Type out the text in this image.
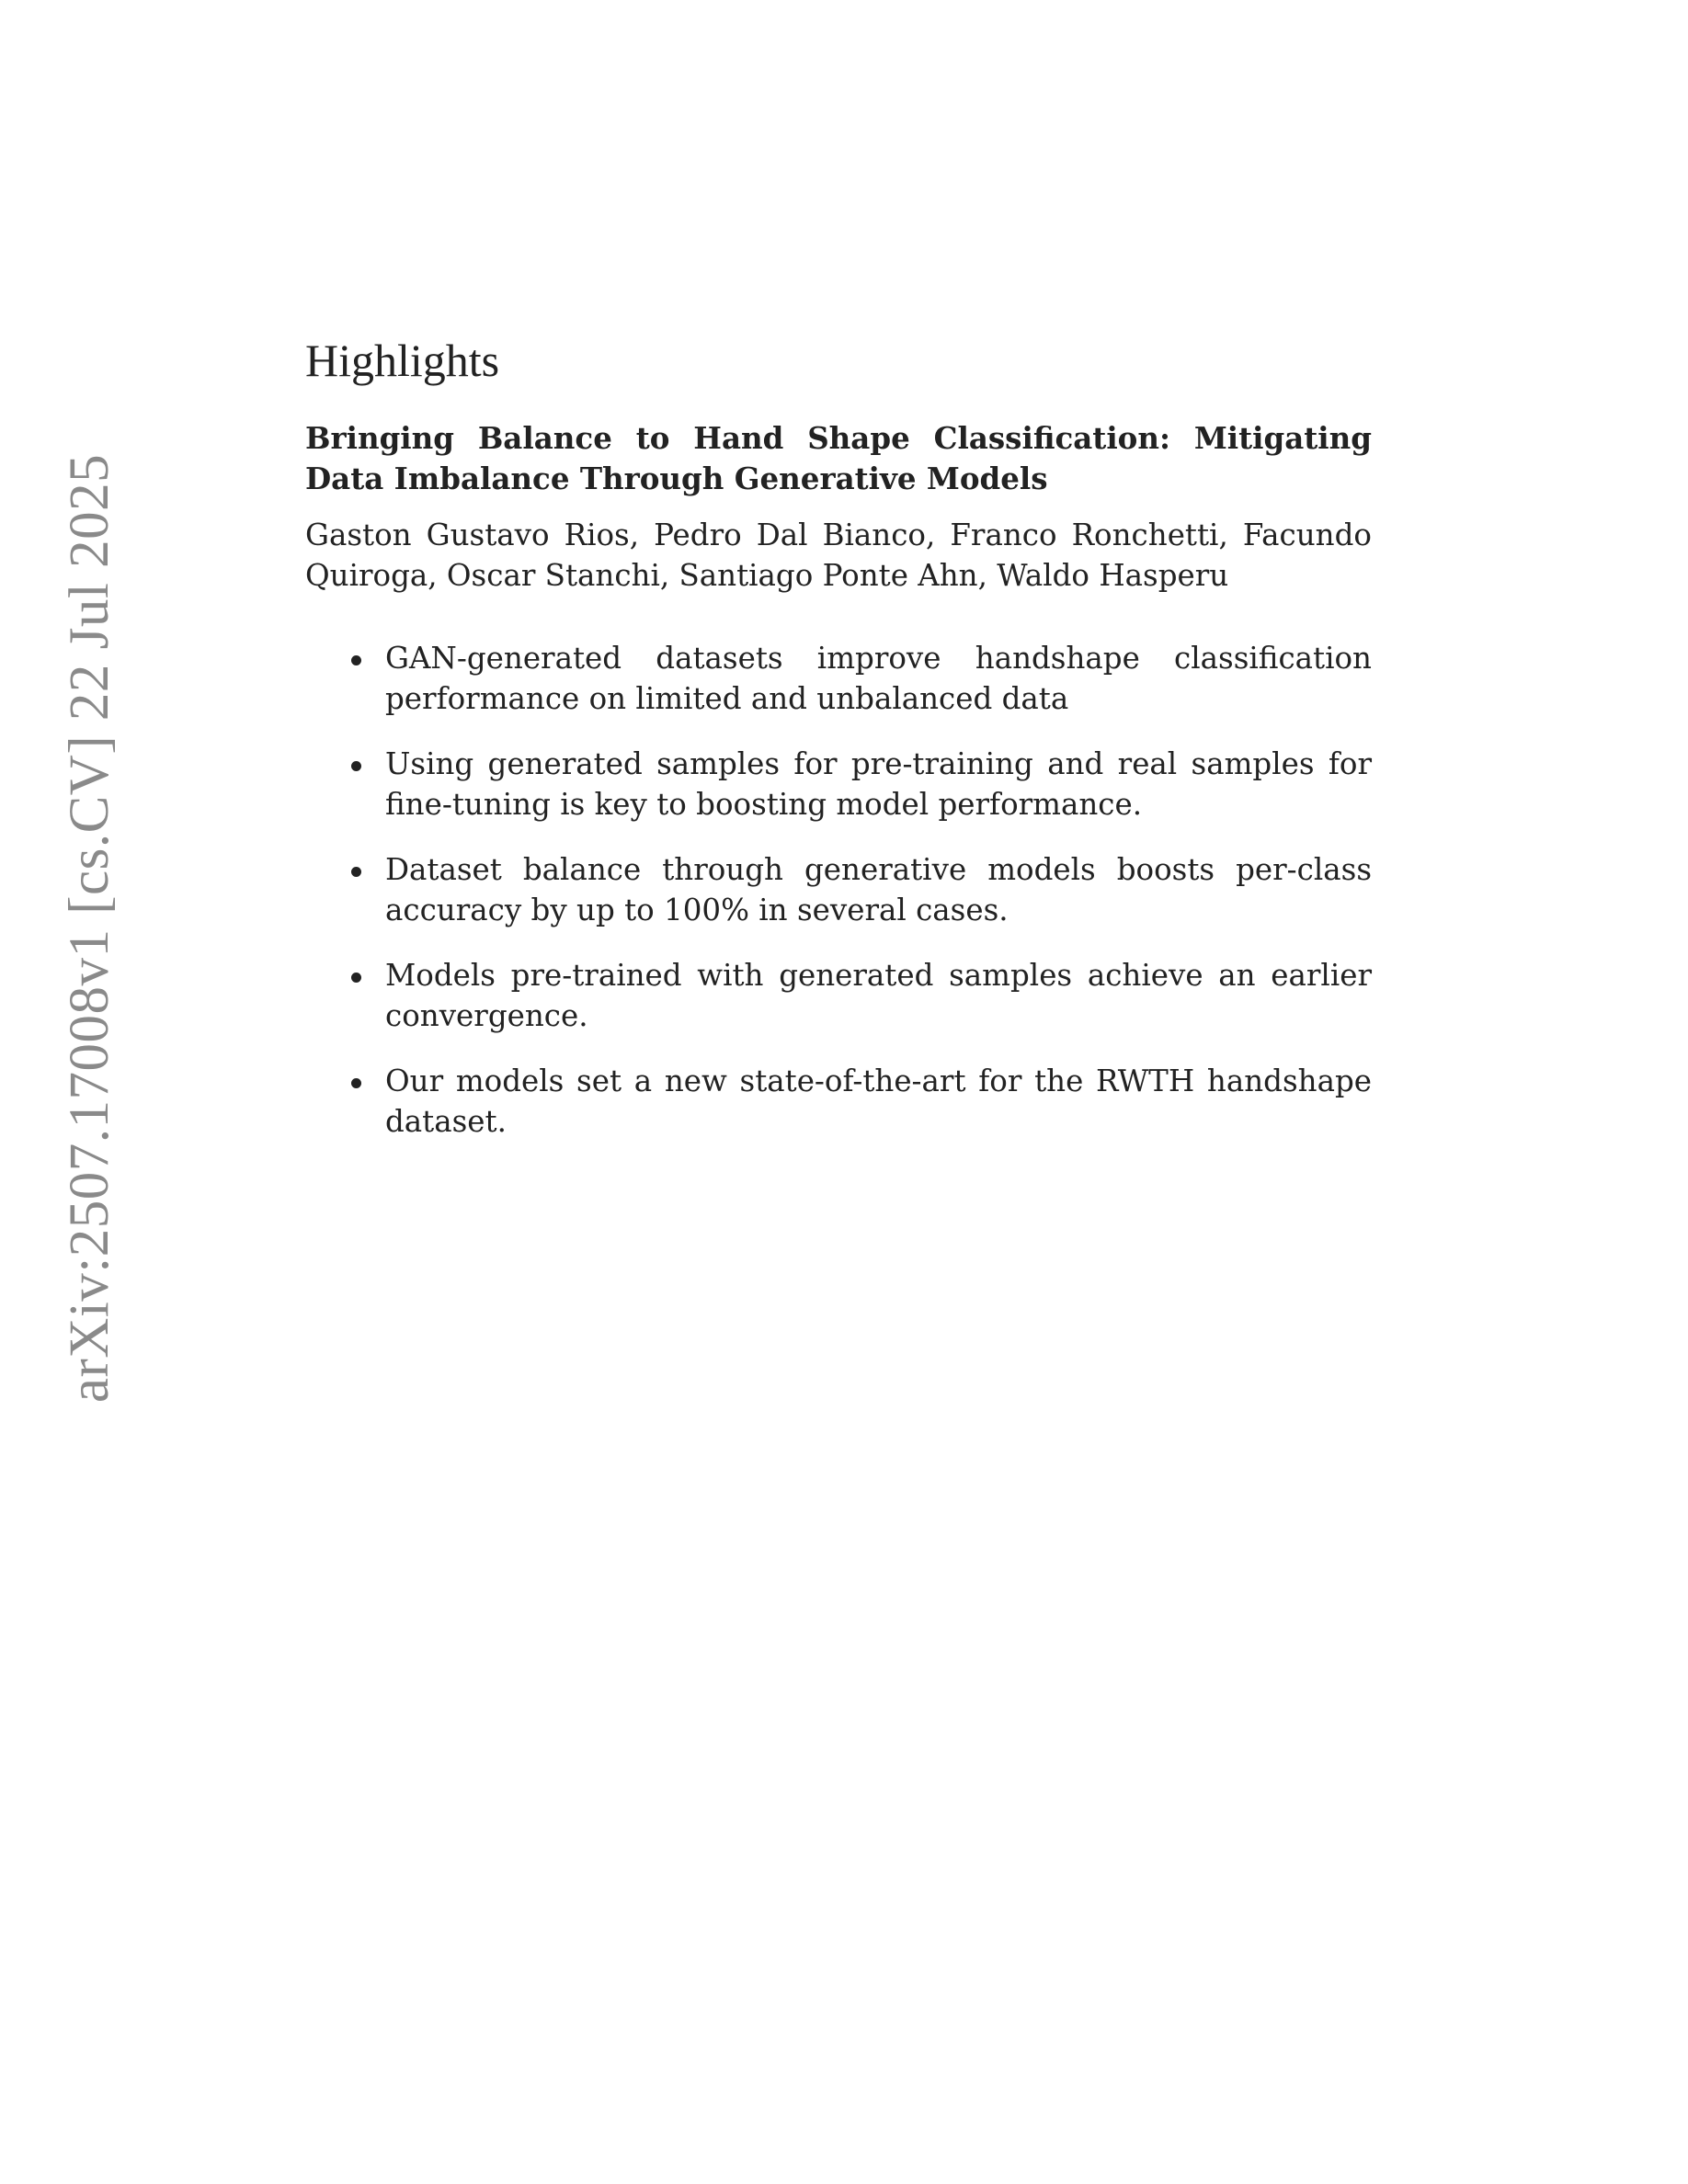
arXiv:2507.17008v1 [cs.CV] 22 Jul 2025
Highlights

Bringing Balance to Hand Shape Classification: Mitigating Data Imbalance Through Generative Models

Gaston Gustavo Rios, Pedro Dal Bianco, Franco Ronchetti, Facundo Quiroga, Oscar Stanchi, Santiago Ponte Ahn, Waldo Hasperu

GAN-generated datasets improve handshape classification performance on limited and unbalanced data
Using generated samples for pre-training and real samples for fine-tuning is key to boosting model performance.
Dataset balance through generative models boosts per-class accuracy by up to 100% in several cases.
Models pre-trained with generated samples achieve an earlier convergence.
Our models set a new state-of-the-art for the RWTH handshape dataset.
